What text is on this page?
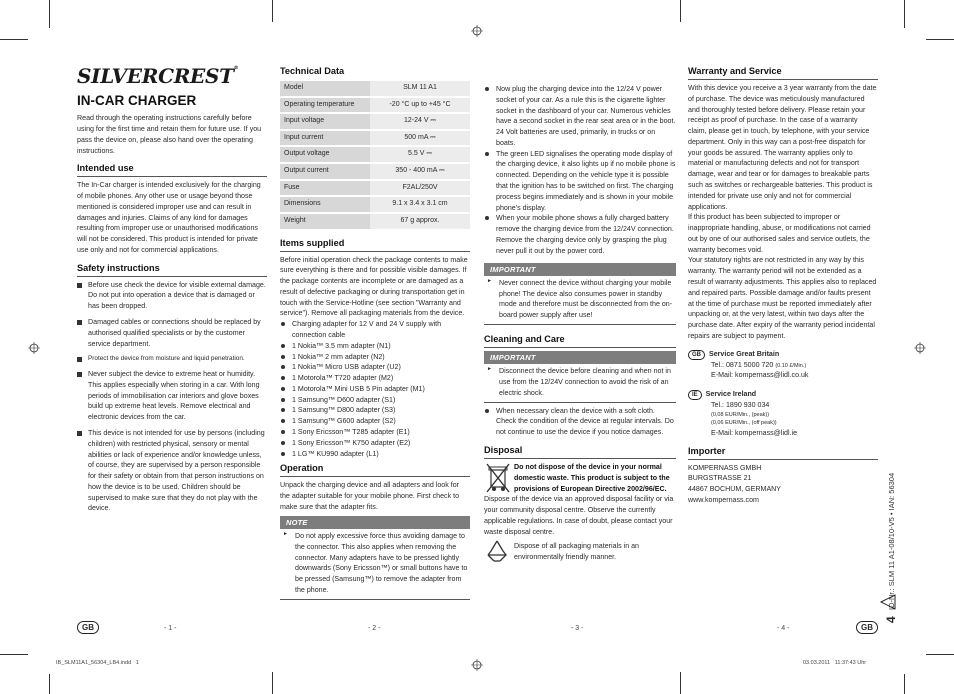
SILVERCREST®
IN-CAR CHARGER

Read through the operating instructions carefully before using for the first time and retain them for future use. If you pass the device on, please also hand over the operating instructions.

Intended use

The In-Car charger is intended exclusively for the charging of mobile phones. Any other use or usage beyond those mentioned is considered improper use and can result in damages and injuries. Claims of any kind for damages resulting from improper use or unauthorised modifications will not be considered. This product is intended for private use only and not for commercial applications.

Safety instructions
Before use check the device for visible external damage. Do not put into operation a device that is damaged or has been dropped.
Damaged cables or connections should be replaced by authorised qualified specialists or by the customer service department.
Protect the device from moisture and liquid penetration.
Never subject the device to extreme heat or humidity. This applies especially when storing in a car. With long periods of immobilisation car interiors and glove boxes build up extreme heat levels. Remove electrical and electronic devices from the car.
This device is not intended for use by persons (including children) with restricted physical, sensory or mental abilities or lack of experience and/or knowledge unless, of course, they are supervised by a person responsible for their safety or obtain from that person instructions on how the device is to be used. Children should be supervised to make sure that they do not play with the device.
Technical Data
Model	SLM 11 A1
Operating temperature	-20 °C up to +45 °C
Input voltage	12-24 V ⎓
Input current	500 mA ⎓
Output voltage	5.5 V ⎓
Output current	350 - 400 mA ⎓
Fuse	F2AL/250V
Dimensions	9.1 x 3.4 x 3.1 cm
Weight	67 g approx.
Items supplied

Before initial operation check the package contents to make sure everything is there and for possible visible damages. If the package contents are incomplete or are damaged as a result of defective packaging or during transportation get in touch with the Service-Hotline (see section "Warranty and service"). Remove all packaging materials from the device.

Charging adapter for 12 V and 24 V supply with connection cable
1 Nokia™ 3.5 mm adapter (N1)
1 Nokia™ 2 mm adapter (N2)
1 Nokia™ Micro USB adapter (U2)
1 Motorola™ T720 adapter (M2)
1 Motorola™ Mini USB 5 Pin adapter (M1)
1 Samsung™ D600 adapter (S1)
1 Samsung™ D800 adapter (S3)
1 Samsung™ G600 adapter (S2)
1 Sony Ericsson™ T285 adapter (E1)
1 Sony Ericsson™ K750 adapter (E2)
1 LG™ KU990 adapter (L1)
Operation

Unpack the charging device and all adapters and look for the adapter suitable for your mobile phone. First check to make sure that the adapter fits.

NOTE
► Do not apply excessive force thus avoiding damage to the connector. This also applies when removing the connector. Many adapters have to be pressed lightly downwards (Sony Ericsson™) or small buttons have to be pressed (Samsung™) to remove the adapter from the phone.
Now plug the charging device into the 12/24 V power socket of your car. As a rule this is the cigarette lighter socket in the dashboard of your car. Numerous vehicles have a second socket in the rear seat area or in the boot. 24 Volt batteries are used, primarily, in trucks or on boats.
The green LED signalises the operating mode display of the charging device, it also lights up if no mobile phone is connected. Depending on the vehicle type it is possible that the ignition has to be switched on first. The charging process begins immediately and is shown in your mobile phone's display.
When your mobile phone shows a fully charged battery remove the charging device from the 12/24V connection. Remove the charging device only by grasping the plug never pull it out by the power cord.
IMPORTANT
► Never connect the device without charging your mobile phone! The device also consumes power in standby mode and therefore must be disconnected from the on-board power supply after use!
Cleaning and Care
IMPORTANT
► Disconnect the device before cleaning and when not in use from the 12/24V connection to avoid the risk of an electric shock.
When necessary clean the device with a soft cloth. Check the condition of the device at regular intervals. Do not continue to use the device if you notice damages.
Disposal

Do not dispose of the device in your normal domestic waste. This product is subject to the provisions of European Directive 2002/96/EC.

Dispose of the device via an approved disposal facility or via your community disposal centre. Observe the currently applicable regulations. In case of doubt, please contact your waste disposal centre.

Dispose of all packaging materials in an environmentally friendly manner.

Warranty and Service

With this device you receive a 3 year warranty from the date of purchase. The device was meticulously manufactured and thoroughly tested before delivery. Please retain your receipt as proof of purchase. In the case of a warranty claim, please get in touch, by telephone, with your service department. Only in this way can a post-free dispatch for your goods be assured. The warranty applies only to material or manufacturing defects and not for transport damage, wear and tear or for damages to breakable parts such as switches or rechargeable batteries. This product is intended for private use only and not for commercial applications.
If this product has been subjected to improper or inappropriate handling, abuse, or modifications not carried out by one of our authorised sales and service outlets, the warranty becomes void.
Your statutory rights are not restricted in any way by this warranty. The warranty period will not be extended as a result of warranty adjustments. This applies also to replaced and repaired parts. Possible damage and/or faults present at the time of purchase must be reported immediately after unpacking or, at the very latest, within two days after the purchase date. After expiry of the warranty period incidental repairs are subject to payment.

GB Service Great Britain
Tel.: 0871 5000 720 (0.10 £/Min.)
E-Mail: kompernass@lidl.co.uk
IE Service Ireland
Tel.: 1890 930 034
(0,08 EUR/Min., (peak))
(0,06 EUR/Min., (off peak))
E-Mail: kompernass@lidl.ie
Importer
KOMPERNASS GMBH
BURGSTRASSE 21
44867 BOCHUM, GERMANY
www.kompernass.com	ID-Nr.: SLM 11 A1-08/10-V5 • IAN: 56304
4
GB	- 1 -	- 2 -	- 3 -	- 4 -	GB
IB_SLM11A1_56304_LB4.indd   1	03.03.2011   11:37:43 Uhr
